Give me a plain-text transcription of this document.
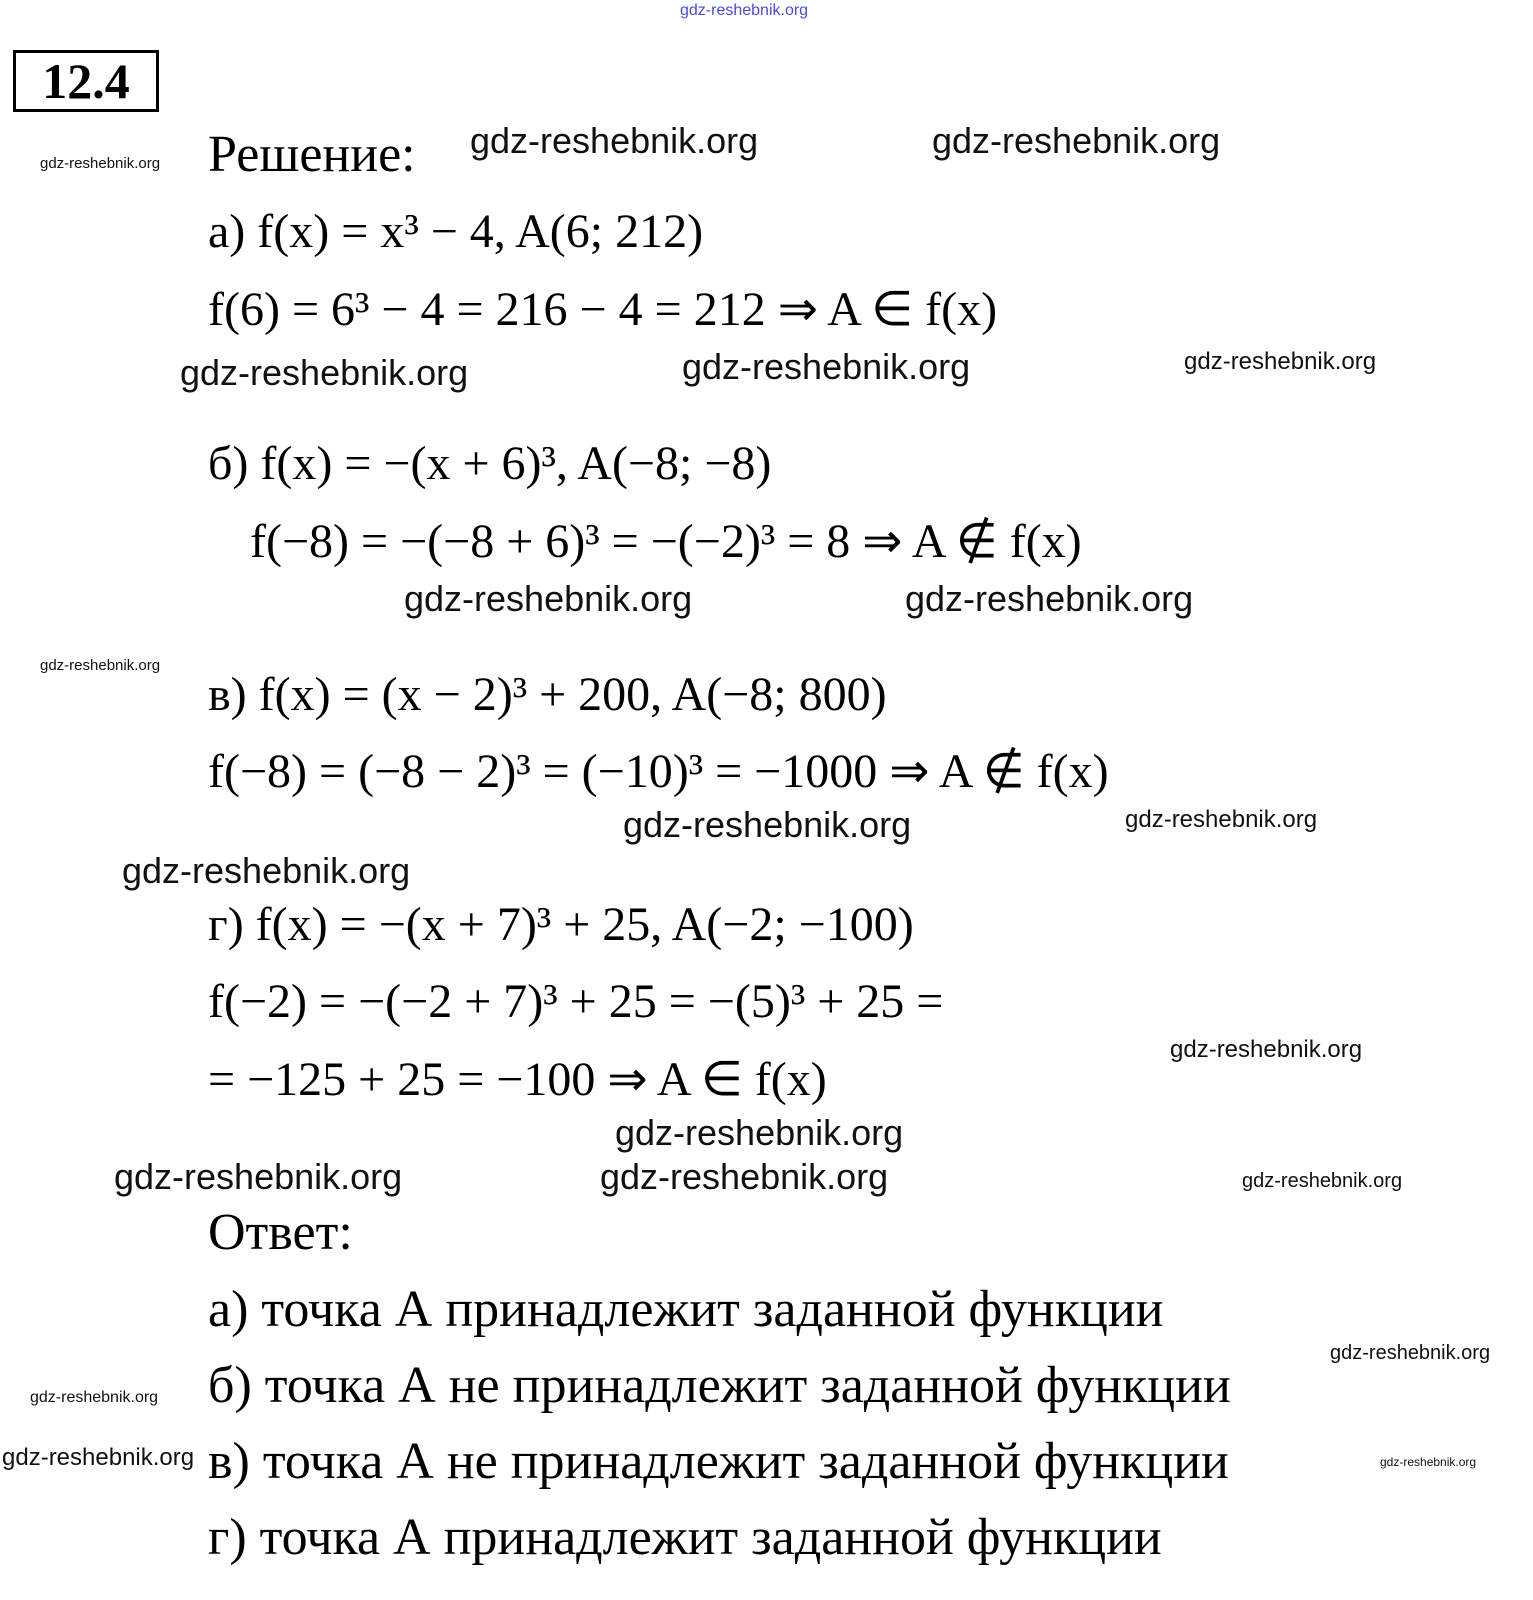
12.4
Решение:
а) f(x) = x³ − 4, A(6; 212)
f(6) = 6³ − 4 = 216 − 4 = 212 ⇒ A ∈ f(x)
б) f(x) = −(x + 6)³, A(−8; −8)
f(−8) = −(−8 + 6)³ = −(−2)³ = 8 ⇒ A ∉ f(x)
в) f(x) = (x − 2)³ + 200, A(−8; 800)
f(−8) = (−8 − 2)³ = (−10)³ = −1000 ⇒ A ∉ f(x)
г) f(x) = −(x + 7)³ + 25, A(−2; −100)
f(−2) = −(−2 + 7)³ + 25 = −(5)³ + 25 =
= −125 + 25 = −100 ⇒ A ∈ f(x)
Ответ:
а) точка А принадлежит заданной функции
б) точка А не принадлежит заданной функции
в) точка А не принадлежит заданной функции
г) точка А принадлежит заданной функции
gdz-reshebnik.org
gdz-reshebnik.org
gdz-reshebnik.org	gdz-reshebnik.org
gdz-reshebnik.org	gdz-reshebnik.org	gdz-reshebnik.org
gdz-reshebnik.org	gdz-reshebnik.org
gdz-reshebnik.org
gdz-reshebnik.org	gdz-reshebnik.org
gdz-reshebnik.org
gdz-reshebnik.org
gdz-reshebnik.org
gdz-reshebnik.org	gdz-reshebnik.org
gdz-reshebnik.org
gdz-reshebnik.org
gdz-reshebnik.org
gdz-reshebnik.org	gdz-reshebnik.org
